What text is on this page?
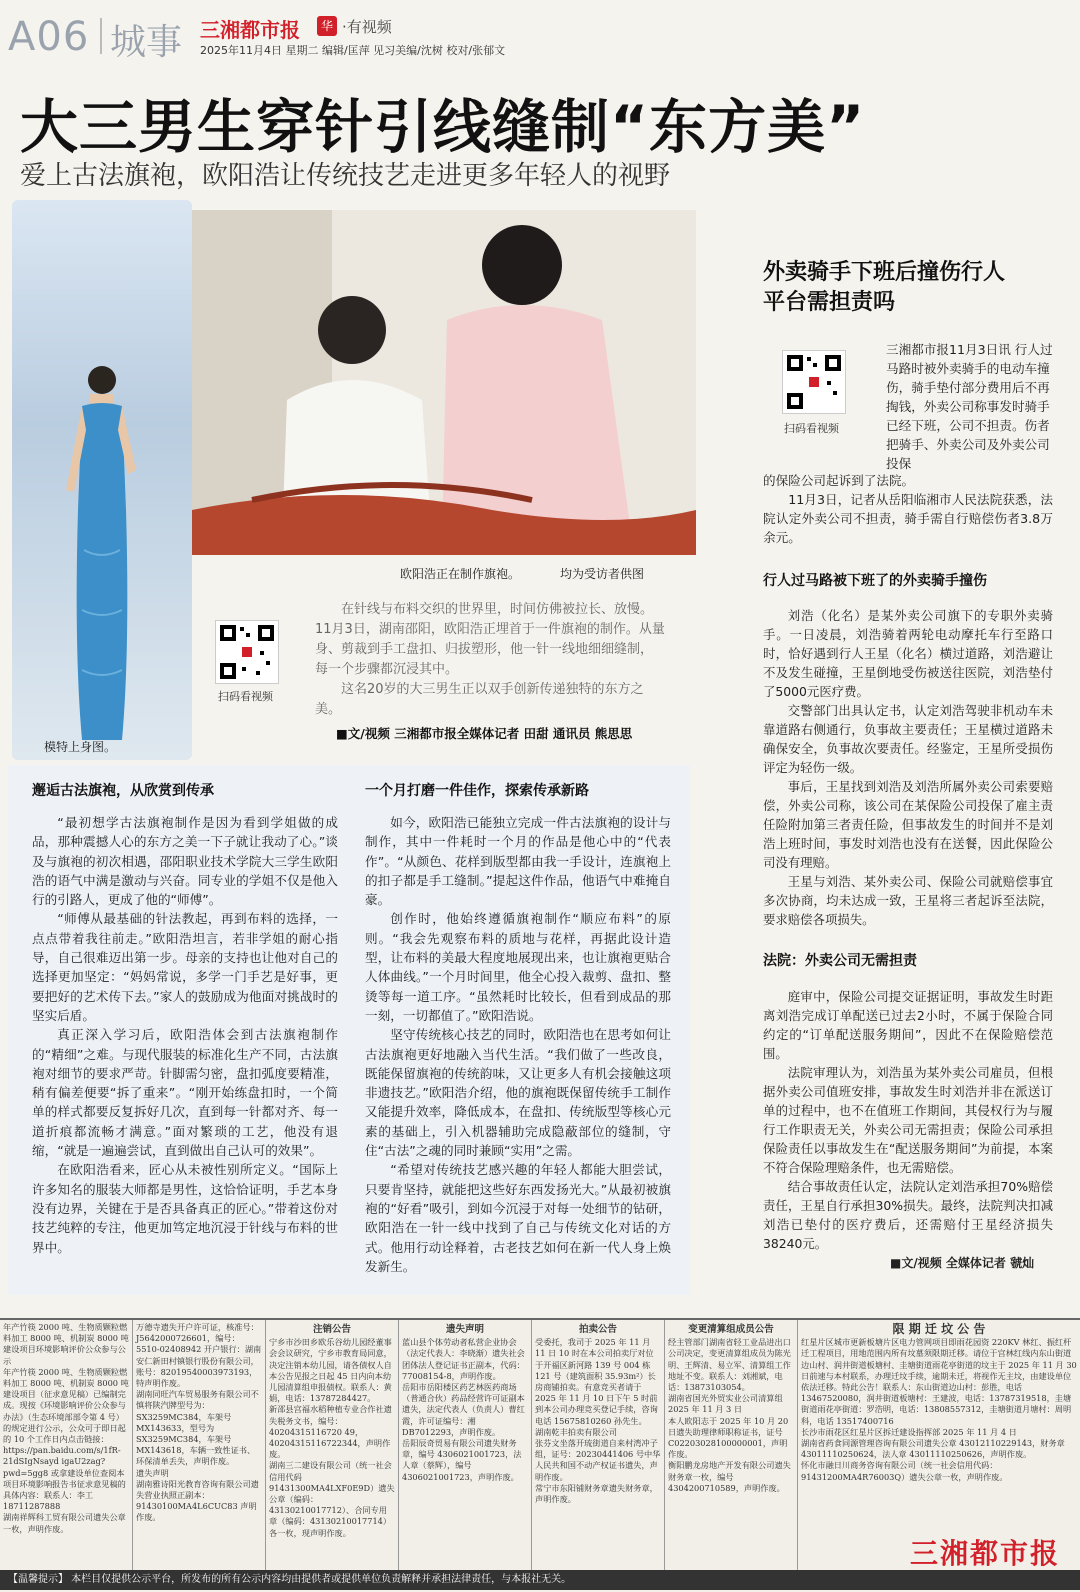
A06 城事 三湘都市报	华 ·有视频
2025年11月4日 星期二 编辑/匡萍 见习美编/沈树 校对/张郁文
大三男生穿针引线缝制“东方美”
爱上古法旗袍，欧阳浩让传统技艺走进更多年轻人的视野
模特上身图。
欧阳浩正在制作旗袍。	均为受访者供图
扫码看视频

在针线与布料交织的世界里，时间仿佛被拉长、放慢。11月3日，湖南邵阳，欧阳浩正埋首于一件旗袍的制作。从量身、剪裁到手工盘扣、归拔塑形，他一针一线地细细缝制，每一个步骤都沉浸其中。

这名20岁的大三男生正以双手创新传递独特的东方之美。

■文/视频 三湘都市报全媒体记者 田甜 通讯员 熊思思
邂逅古法旗袍，从欣赏到传承

“最初想学古法旗袍制作是因为看到学姐做的成品，那种震撼人心的东方之美一下子就让我动了心。”谈及与旗袍的初次相遇，邵阳职业技术学院大三学生欧阳浩的语气中满是激动与兴奋。同专业的学姐不仅是他入行的引路人，更成了他的“师傅”。

“师傅从最基础的针法教起，再到布料的选择，一点点带着我往前走。”欧阳浩坦言，若非学姐的耐心指导，自己很难迈出第一步。母亲的支持也让他对自己的选择更加坚定：“妈妈常说，多学一门手艺是好事，更要把好的艺术传下去。”家人的鼓励成为他面对挑战时的坚实后盾。

真正深入学习后，欧阳浩体会到古法旗袍制作的“精细”之难。与现代服装的标准化生产不同，古法旗袍对细节的要求严苛。针脚需匀密，盘扣弧度要精准，稍有偏差便要“拆了重来”。“刚开始练盘扣时，一个简单的样式都要反复拆好几次，直到每一针都对齐、每一道折痕都流畅才满意。”面对繁琐的工艺，他没有退缩，“就是一遍遍尝试，直到做出自己认可的效果”。

在欧阳浩看来，匠心从未被性别所定义。“国际上许多知名的服装大师都是男性，这恰恰证明，手艺本身没有边界，关键在于是否具备真正的匠心。”带着这份对技艺纯粹的专注，他更加笃定地沉浸于针线与布料的世界中。

一个月打磨一件佳作，探索传承新路

如今，欧阳浩已能独立完成一件古法旗袍的设计与制作，其中一件耗时一个月的作品是他心中的“代表作”。“从颜色、花样到版型都由我一手设计，连旗袍上的扣子都是手工缝制。”提起这件作品，他语气中难掩自豪。

创作时，他始终遵循旗袍制作“顺应布料”的原则。“我会先观察布料的质地与花样，再据此设计造型，让布料的美最大程度地展现出来，也让旗袍更贴合人体曲线。”一个月时间里，他全心投入裁剪、盘扣、整烫等每一道工序。“虽然耗时比较长，但看到成品的那一刻，一切都值了。”欧阳浩说。

坚守传统核心技艺的同时，欧阳浩也在思考如何让古法旗袍更好地融入当代生活。“我们做了一些改良，既能保留旗袍的传统韵味，又让更多人有机会接触这项非遗技艺。”欧阳浩介绍，他的旗袍既保留传统手工制作又能提升效率，降低成本，在盘扣、传统版型等核心元素的基础上，引入机器辅助完成隐蔽部位的缝制，守住“古法”之魂的同时兼顾“实用”之需。

“希望对传统技艺感兴趣的年轻人都能大胆尝试，只要肯坚持，就能把这些好东西发扬光大。”从最初被旗袍的“好看”吸引，到如今沉浸于对每一处细节的钻研，欧阳浩在一针一线中找到了自己与传统文化对话的方式。他用行动诠释着，古老技艺如何在新一代人身上焕发新生。

外卖骑手下班后撞伤行人
平台需担责吗
扫码看视频
三湘都市报11月3日讯 行人过马路时被外卖骑手的电动车撞伤，骑手垫付部分费用后不再掏钱，外卖公司称事发时骑手已经下班，公司不担责。伤者把骑手、外卖公司及外卖公司投保
的保险公司起诉到了法院。
11月3日，记者从岳阳临湘市人民法院获悉，法院认定外卖公司不担责，骑手需自行赔偿伤者3.8万余元。
行人过马路被下班了的外卖骑手撞伤

刘浩（化名）是某外卖公司旗下的专职外卖骑手。一日凌晨，刘浩骑着两轮电动摩托车行至路口时，恰好遇到行人王星（化名）横过道路，刘浩避让不及发生碰撞，王星倒地受伤被送往医院，刘浩垫付了5000元医疗费。

交警部门出具认定书，认定刘浩驾驶非机动车未靠道路右侧通行，负事故主要责任；王星横过道路未确保安全，负事故次要责任。经鉴定，王星所受损伤评定为轻伤一级。

事后，王星找到刘浩及刘浩所属外卖公司索要赔偿，外卖公司称，该公司在某保险公司投保了雇主责任险附加第三者责任险，但事故发生的时间并不是刘浩上班时间，事发时刘浩也没有在送餐，因此保险公司没有理赔。

王星与刘浩、某外卖公司、保险公司就赔偿事宜多次协商，均未达成一致，王星将三者起诉至法院，要求赔偿各项损失。

法院：外卖公司无需担责

庭审中，保险公司提交证据证明，事故发生时距离刘浩完成订单配送已过去2小时，不属于保险合同约定的“订单配送服务期间”，因此不在保险赔偿范围。

法院审理认为，刘浩虽为某外卖公司雇员，但根据外卖公司值班安排，事故发生时刘浩并非在派送订单的过程中，也不在值班工作期间，其侵权行为与履行工作职责无关，外卖公司无需担责；保险公司承担保险责任以事故发生在“配送服务期间”为前提，本案不符合保险理赔条件，也无需赔偿。

结合事故责任认定，法院认定刘浩承担70%赔偿责任，王星自行承担30%损失。最终，法院判决扣减刘浩已垫付的医疗费后，还需赔付王星经济损失38240元。

■文/视频 全媒体记者 虢灿
年产竹筷 2000 吨、生物质颗粒燃料加工 8000 吨、机制炭 8000 吨建设项目环境影响评价公众参与公示
年产竹筷 2000 吨、生物质颗粒燃料加工 8000 吨、机制炭 8000 吨建设项目（征求意见稿）已编制完成。现按《环境影响评价公众参与办法》（生态环境部部令第 4 号）的规定进行公示，公众可于即日起的 10 个工作日内点击链接：https://pan.baidu.com/s/1fR-21dSIgNsayd igaU2zag?pwd=5gg8 或拿建设单位查阅本项目环境影响报告书征求意见稿的具体内容：联系人：李工 18711287888
湖南祥辉科工贸有限公司遗失公章一枚，声明作废。
万德寺遗失开户许可证，核准号：J5642000726601，编号：5510-02408942 开户银行：湖南安仁新田村镇银行股份有限公司，账号：82019540003973193，特声明作废。
湖南同旺汽车贸易服务有限公司不慎将陕汽牌型号为：SX3259MC384，车架号 MX143633，型号为 SX3259MC384，车架号 MX143618，车辆一致性证书、环保清单丢失，声明作废。
遗失声明
湖南雅诗阳光教育咨询有限公司遗失营业执照正副本：91430100MA4L6CUC83 声明作废。
注销公告
宁乡市沙田乡欧乐谷幼儿园经董事会会议研究，宁乡市教育局同意，决定注销本幼儿园，请各债权人自本公告见报之日起 45 日内向本幼儿园清算组申报债权。联系人：黄娟，电话：13787284427。
新邵县宫福水稻种植专业合作社遗失税务文书，编号：40204315116720 49，40204315116722344，声明作废。
湖南三二建设有限公司（统一社会信用代码 91431300MA4LXF0E9D）遗失公章（编码：43130210017712）、合同专用章（编码：43130210017714）各一枚，现声明作废。
遗失声明
蓝山县个体劳动者私营企业协会（法定代表人：李晓渐）遗失社会团体法人登记证书正副本，代码：77008154-8，声明作废。
岳阳市岳阳楼区药艺林医药商场（普通合伙）药品经营许可证副本遗失，法定代表人（负责人）曹红霞，许可证编号：湘 DB7012293，声明作废。
岳阳辰奇贸易有限公司遗失财务章，编号 4306021001723，法人章（蔡辉），编号 4306021001723，声明作废。
拍卖公告
受委托，我司于 2025 年 11 月 11 日 10 时在本公司拍卖厅对位于开福区新河路 139 号 004 栋 121 号（建筑面积 35.93m²）长房商铺拍卖。有意竞买者请于 2025 年 11 月 10 日下午 5 时前到本公司办理竞买登记手续，咨询电话 15675810260 孙先生。
湖南乾丰拍卖有限公司
张芬文坐落开琉街道自来村湾冲子组，证号：20230441406 号中华人民共和国不动产权证书遗失，声明作废。
常宁市东阳铺财务章遗失财务章，声明作废。
变更清算组成员公告
经主管部门湖南省轻工业品进出口公司决定，变更清算组成员为陈光明、王辉清、易立军、清算组工作地址不变。联系人：刘湘斌，电话：13873103054。
湖南省国光外贸实业公司清算组 2025 年 11 月 3 日
本人欧阳志于 2025 年 10 月 20 日遗失助理律师职称证书，证号 C02203028100000001，声明作废。
衡阳鹏龙房地产开发有限公司遗失财务章一枚，编号 4304200710589，声明作废。
限 期 迁 坟 公 告
红星片区城市更新板塘片区电力管网项目即雨花园资 220KV 林红、振红杆迁工程项目，用地范围内所有坟墓须限期迁移。请位于宫林红线内东山街道边山村、润井街道板塘村、圭塘街道雨花亭街道的坟主于 2025 年 11 月 30 日前速与本村联系，办理迁坟手续，逾期未迁，将视作无主坟，由建设单位依法迁移。特此公告！联系人：东山街道边山村：彭胜，电话 13467520080，润井街道板塘村：王建波，电话：13787319518，圭塘街道雨花亭街道：罗浩明，电话：13808557312，圭塘街道月塘村：周明科，电话 13517400716
长沙市雨花区红星片区拆迁建设指挥部 2025 年 11 月 4 日
湖南省药食同源管理咨询有限公司遗失公章 43012110229143，财务章 43011110250624，法人章 43011110250626，声明作废。
怀化市融日川商务咨询有限公司（统一社会信用代码：91431200MA4R76003Q）遗失公章一枚，声明作废。
三湘都市报
【温馨提示】 本栏目仅提供公示平台，所发布的所有公示内容均由提供者或提供单位负责解释并承担法律责任，与本报社无关。
